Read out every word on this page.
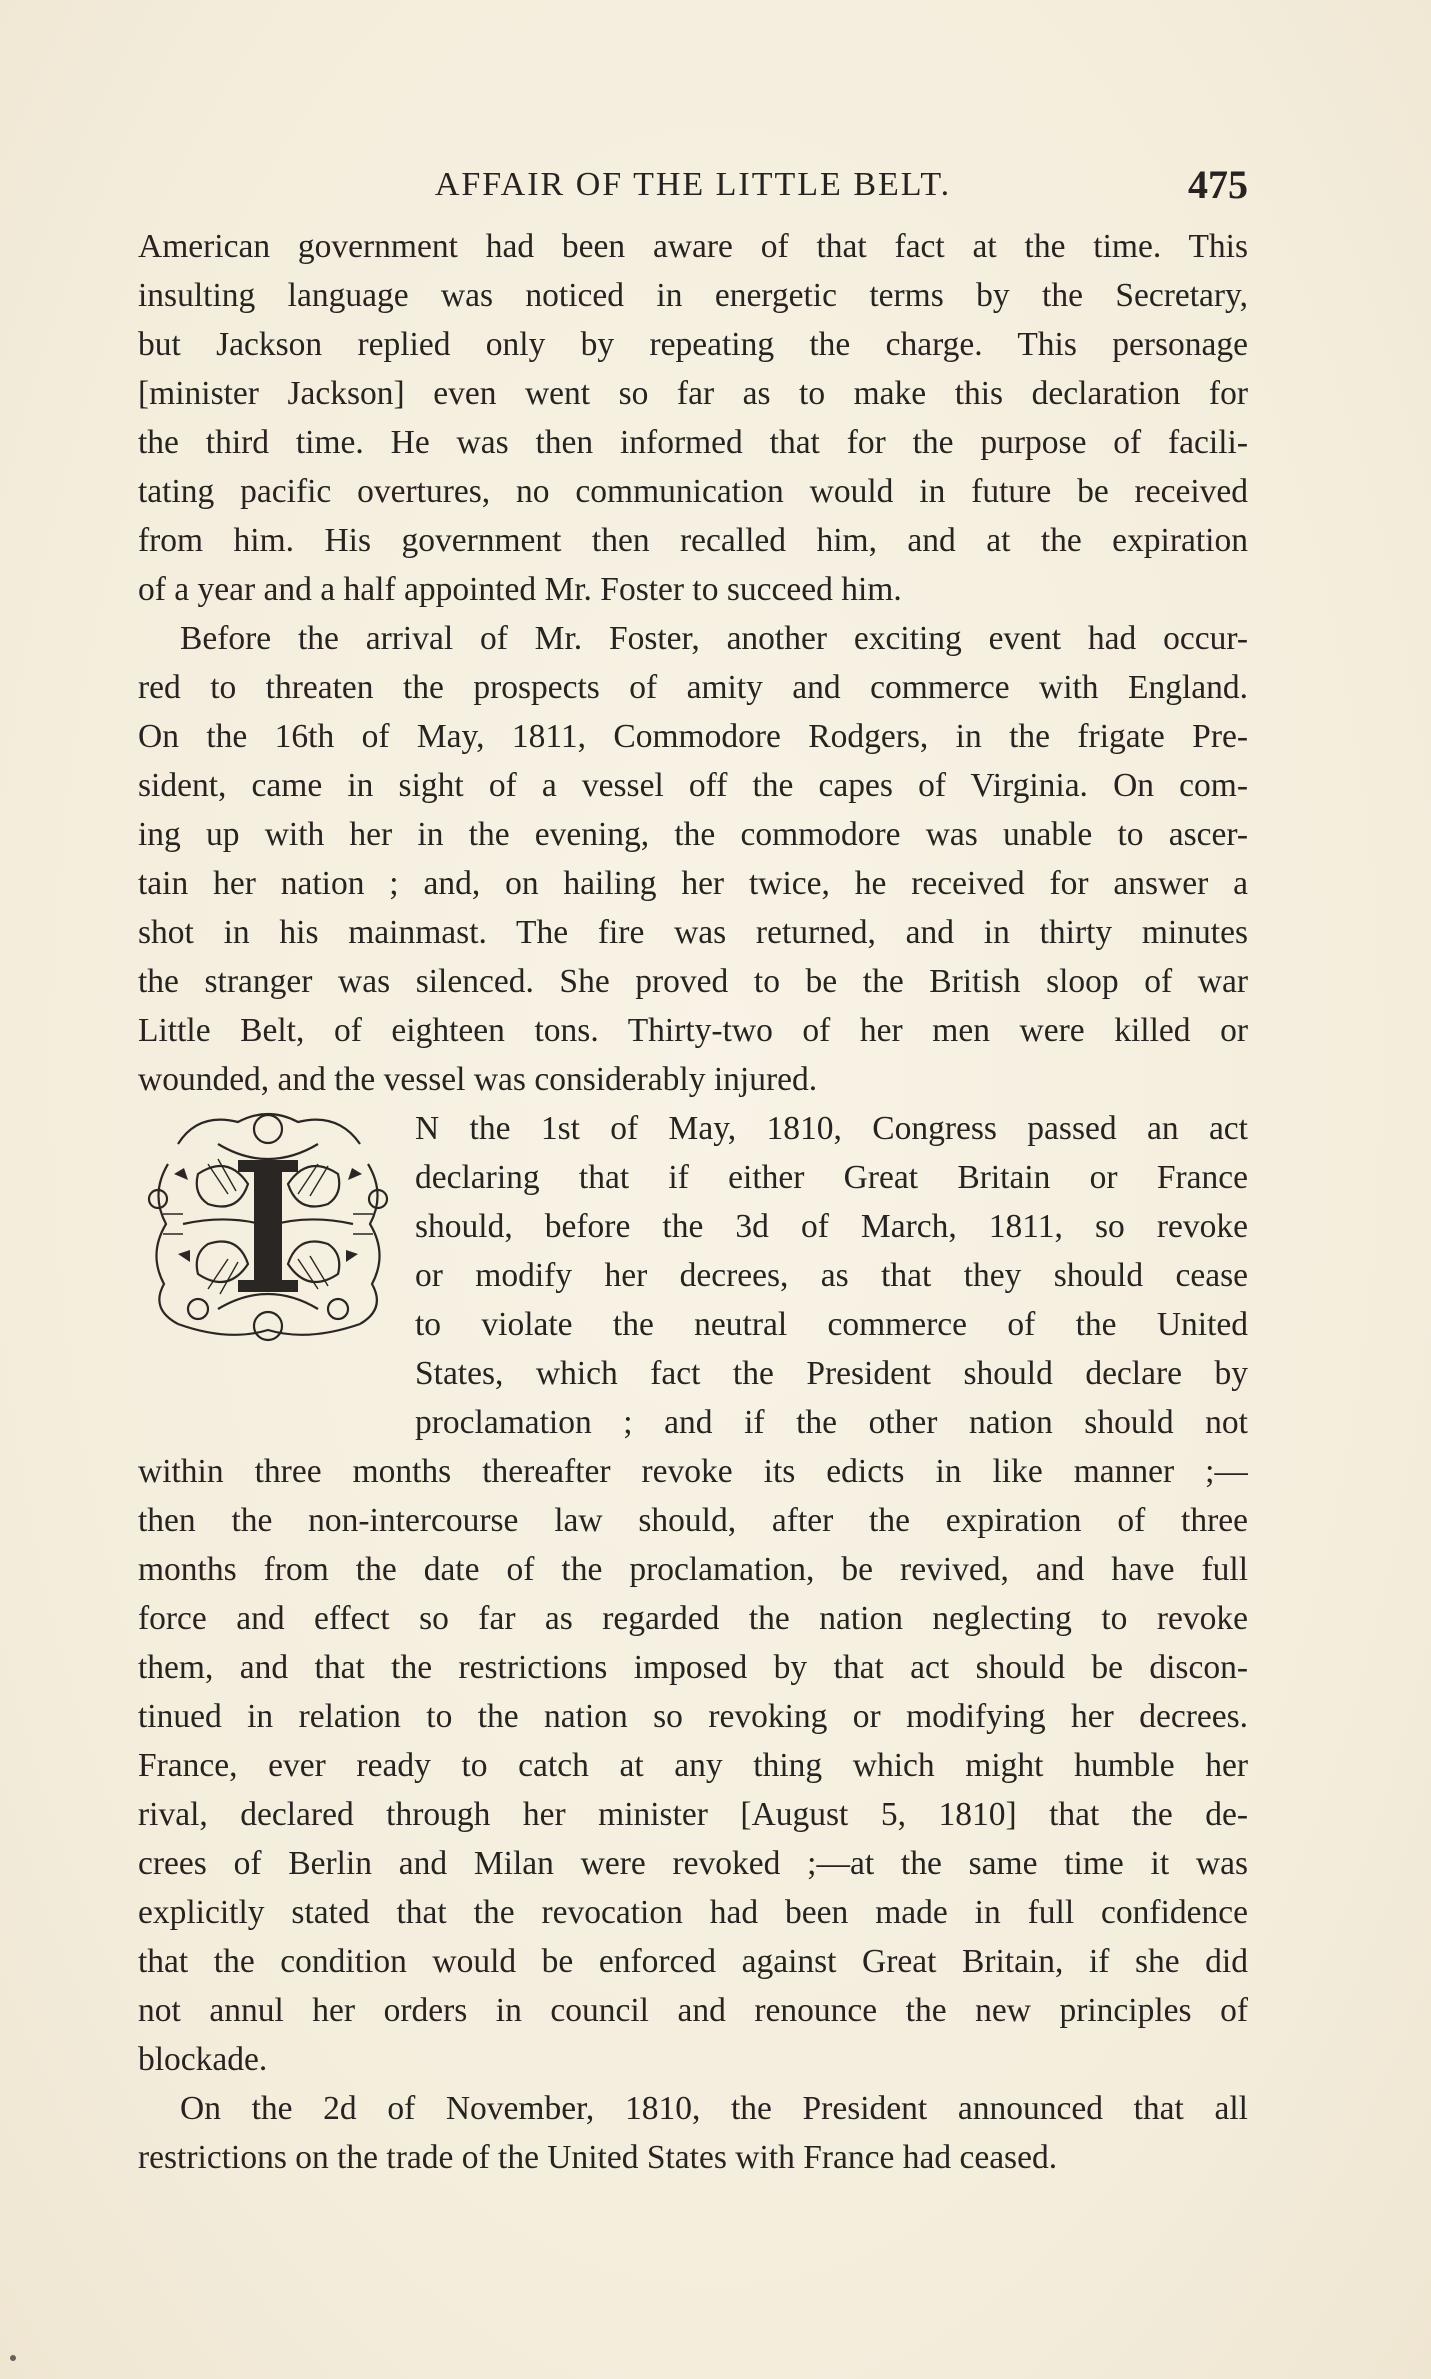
AFFAIR OF THE LITTLE BELT.	475
American government had been aware of that fact at the time. This
insulting language was noticed in energetic terms by the Secretary,
but Jackson replied only by repeating the charge. This personage
[minister Jackson] even went so far as to make this declaration for
the third time. He was then informed that for the purpose of facili-
tating pacific overtures, no communication would in future be received
from him. His government then recalled him, and at the expiration
of a year and a half appointed Mr. Foster to succeed him.
Before the arrival of Mr. Foster, another exciting event had occur-
red to threaten the prospects of amity and commerce with England.
On the 16th of May, 1811, Commodore Rodgers, in the frigate Pre-
sident, came in sight of a vessel off the capes of Virginia. On com-
ing up with her in the evening, the commodore was unable to ascer-
tain her nation ; and, on hailing her twice, he received for answer a
shot in his mainmast. The fire was returned, and in thirty minutes
the stranger was silenced. She proved to be the British sloop of war
Little Belt, of eighteen tons. Thirty-two of her men were killed or
wounded, and the vessel was considerably injured.
N the 1st of May, 1810, Congress passed an act
declaring that if either Great Britain or France
should, before the 3d of March, 1811, so revoke
or modify her decrees, as that they should cease
to violate the neutral commerce of the United
States, which fact the President should declare by
proclamation ; and if the other nation should not
within three months thereafter revoke its edicts in like manner ;—
then the non-intercourse law should, after the expiration of three
months from the date of the proclamation, be revived, and have full
force and effect so far as regarded the nation neglecting to revoke
them, and that the restrictions imposed by that act should be discon-
tinued in relation to the nation so revoking or modifying her decrees.
France, ever ready to catch at any thing which might humble her
rival, declared through her minister [August 5, 1810] that the de-
crees of Berlin and Milan were revoked ;—at the same time it was
explicitly stated that the revocation had been made in full confidence
that the condition would be enforced against Great Britain, if she did
not annul her orders in council and renounce the new principles of
blockade.
On the 2d of November, 1810, the President announced that all
restrictions on the trade of the United States with France had ceased.
